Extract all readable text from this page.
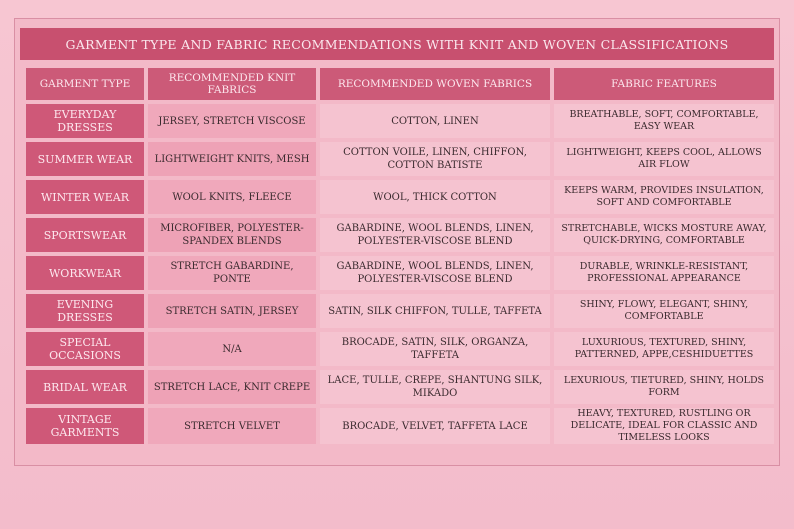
GARMENT TYPE AND FABRIC RECOMMENDATIONS WITH KNIT AND WOVEN CLASSIFICATIONS
GARMENT TYPE	RECOMMENDED KNIT FABRICS	RECOMMENDED WOVEN FABRICS	FABRIC FEATURES
EVERYDAY DRESSES	JERSEY, STRETCH VISCOSE	COTTON, LINEN	BREATHABLE, SOFT, COMFORTABLE, EASY WEAR
SUMMER WEAR	LIGHTWEIGHT KNITS, MESH	COTTON VOILE, LINEN, CHIFFON, COTTON BATISTE	LIGHTWEIGHT, KEEPS COOL, ALLOWS AIR FLOW
WINTER WEAR	WOOL KNITS, FLEECE	WOOL, THICK COTTON	KEEPS WARM, PROVIDES INSULATION, SOFT AND COMFORTABLE
SPORTSWEAR	MICROFIBER, POLYESTER-SPANDEX BLENDS	GABARDINE, WOOL BLENDS, LINEN, POLYESTER-VISCOSE BLEND	STRETCHABLE, WICKS MOSTURE AWAY, QUICK-DRYING, COMFORTABLE
WORKWEAR	STRETCH GABARDINE, PONTE	GABARDINE, WOOL BLENDS, LINEN, POLYESTER-VISCOSE BLEND	DURABLE, WRINKLE-RESISTANT, PROFESSIONAL APPEARANCE
EVENING DRESSES	STRETCH SATIN, JERSEY	SATIN, SILK CHIFFON, TULLE, TAFFETA	SHINY, FLOWY, ELEGANT, SHINY, COMFORTABLE
SPECIAL OCCASIONS	N/A	BROCADE, SATIN, SILK, ORGANZA, TAFFETA	LUXURIOUS, TEXTURED, SHINY, PATTERNED, APPE,CESHIDUETTES
BRIDAL WEAR	STRETCH LACE, KNIT CREPE	LACE, TULLE, CREPE, SHANTUNG SILK, MIKADO	LEXURIOUS, TIETURED, SHINY, HOLDS FORM
VINTAGE GARMENTS	STRETCH VELVET	BROCADE, VELVET, TAFFETA LACE	HEAVY, TEXTURED, RUSTLING OR DELICATE, IDEAL FOR CLASSIC AND TIMELESS LOOKS
